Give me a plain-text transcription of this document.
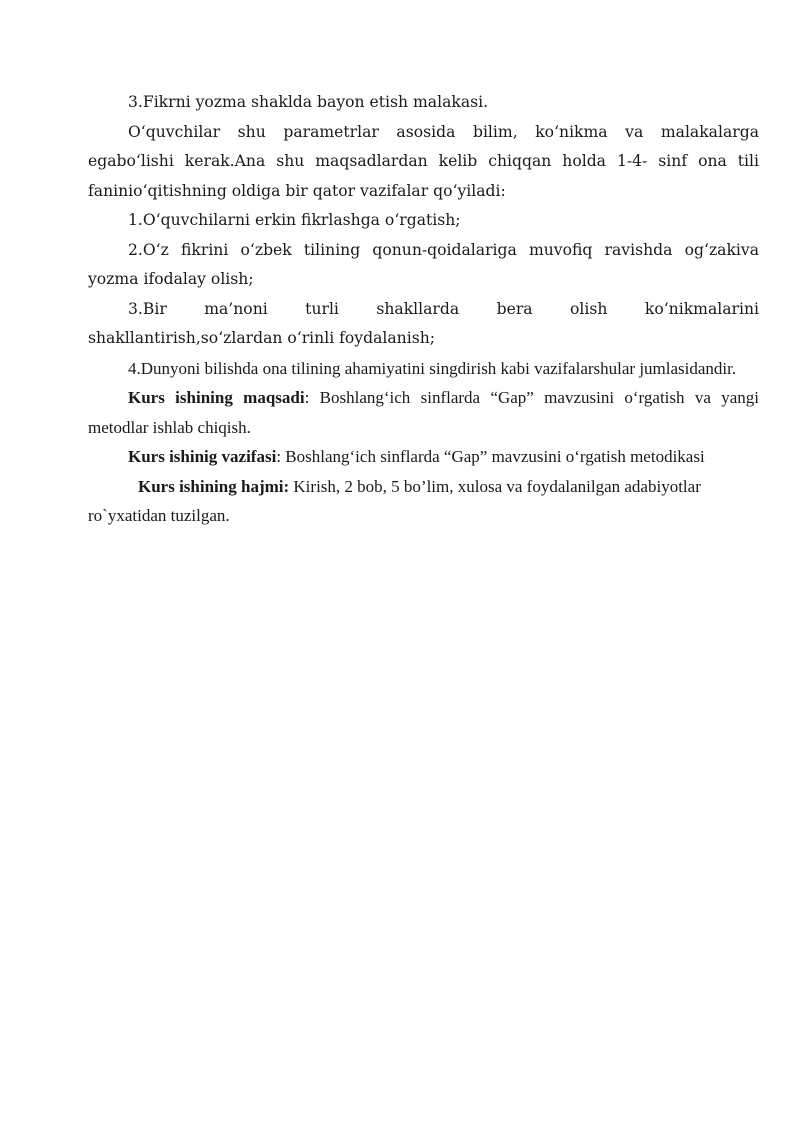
3.Fikrni yozma shaklda bayon etish malakasi.

O‘quvchilar shu parametrlar asosida bilim, ko‘nikma va malakalarga egabo‘lishi kerak.Ana shu maqsadlardan kelib chiqqan holda 1-4- sinf ona tili faninio‘qitishning oldiga bir qator vazifalar qo‘yiladi:

1.O‘quvchilarni erkin fikrlashga o‘rgatish;

2.O‘z fikrini o‘zbek tilining qonun-qoidalariga muvofiq ravishda og‘zakiva yozma ifodalay olish;

3.Bir ma’noni turli shakllarda bera olish ko‘nikmalarini shakllantirish,so‘zlardan o‘rinli foydalanish;

4.Dunyoni bilishda ona tilining ahamiyatini singdirish kabi vazifalarshular jumlasidandir.

Kurs ishining maqsadi: Boshlang‘ich sinflarda “Gap” mavzusini o‘rgatish va yangi metodlar ishlab chiqish.

Kurs ishinig vazifasi: Boshlang‘ich sinflarda “Gap” mavzusini o‘rgatish metodikasi

Kurs ishining hajmi: Kirish, 2 bob, 5 bo’lim, xulosa va foydalanilgan adabiyotlar ro`yxatidan tuzilgan.
